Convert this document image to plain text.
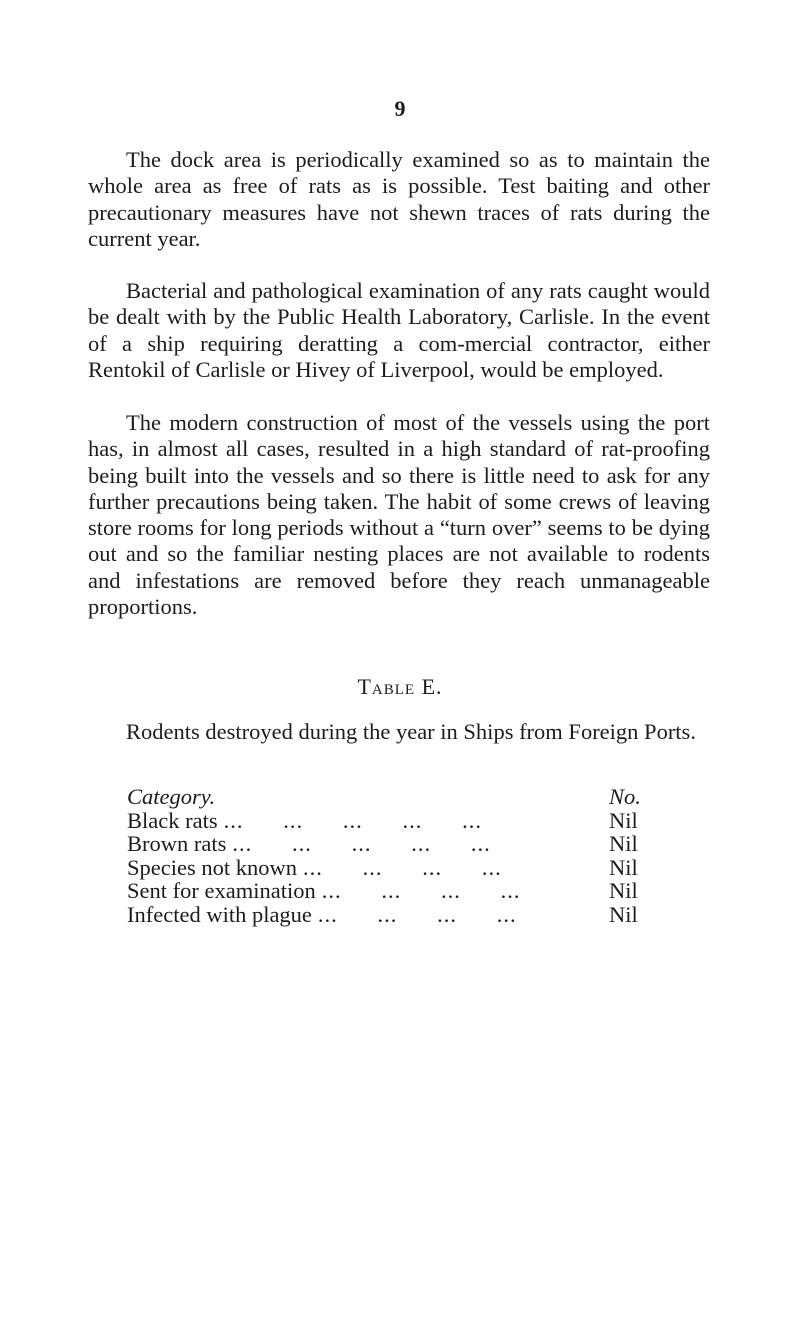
9

The dock area is periodically examined so as to maintain the whole area as free of rats as is possible. Test baiting and other precautionary measures have not shewn traces of rats during the current year.

Bacterial and pathological examination of any rats caught would be dealt with by the Public Health Laboratory, Carlisle. In the event of a ship requiring deratting a com-mercial contractor, either Rentokil of Carlisle or Hivey of Liverpool, would be employed.

The modern construction of most of the vessels using the port has, in almost all cases, resulted in a high standard of rat-proofing being built into the vessels and so there is little need to ask for any further precautions being taken. The habit of some crews of leaving store rooms for long periods without a “turn over” seems to be dying out and so the familiar nesting places are not available to rodents and infestations are removed before they reach unmanageable proportions.

Table E.

Rodents destroyed during the year in Ships from Foreign Ports.

Category.	No.
Black rats ...      ...      ...      ...      ...	Nil
Brown rats ...      ...      ...      ...      ...	Nil
Species not known ...      ...      ...      ...	Nil
Sent for examination ...      ...      ...      ...	Nil
Infected with plague ...      ...      ...      ...	Nil
